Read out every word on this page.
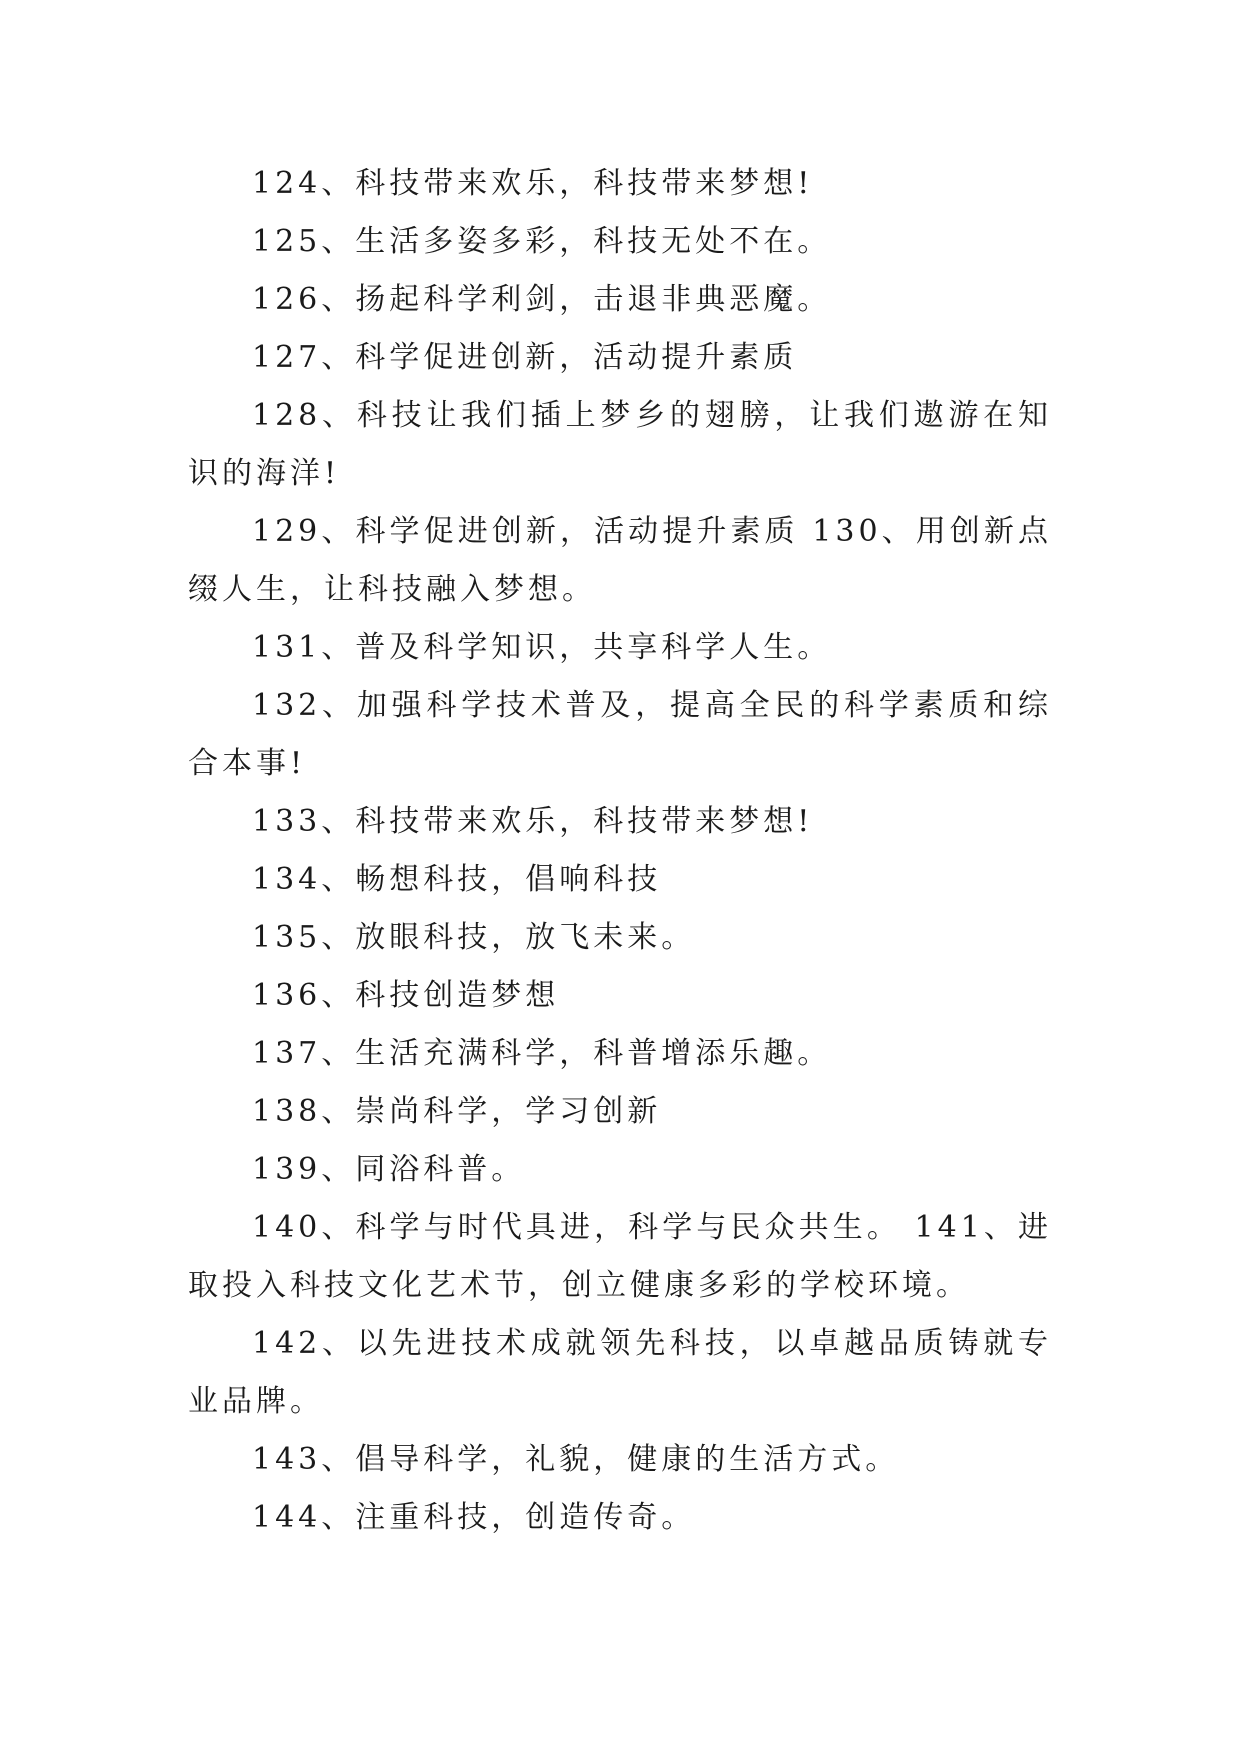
124、科技带来欢乐，科技带来梦想!

125、生活多姿多彩，科技无处不在。

126、扬起科学利剑，击退非典恶魔。

127、科学促进创新，活动提升素质

128、科技让我们插上梦乡的翅膀，让我们遨游在知识的海洋!

129、科学促进创新，活动提升素质 130、用创新点缀人生，让科技融入梦想。

131、普及科学知识，共享科学人生。

132、加强科学技术普及，提高全民的科学素质和综合本事!

133、科技带来欢乐，科技带来梦想!

134、畅想科技，倡响科技

135、放眼科技，放飞未来。

136、科技创造梦想

137、生活充满科学，科普增添乐趣。

138、崇尚科学，学习创新

139、同浴科普。

140、科学与时代具进，科学与民众共生。 141、进取投入科技文化艺术节，创立健康多彩的学校环境。

142、以先进技术成就领先科技，以卓越品质铸就专业品牌。

143、倡导科学，礼貌，健康的生活方式。

144、注重科技，创造传奇。
